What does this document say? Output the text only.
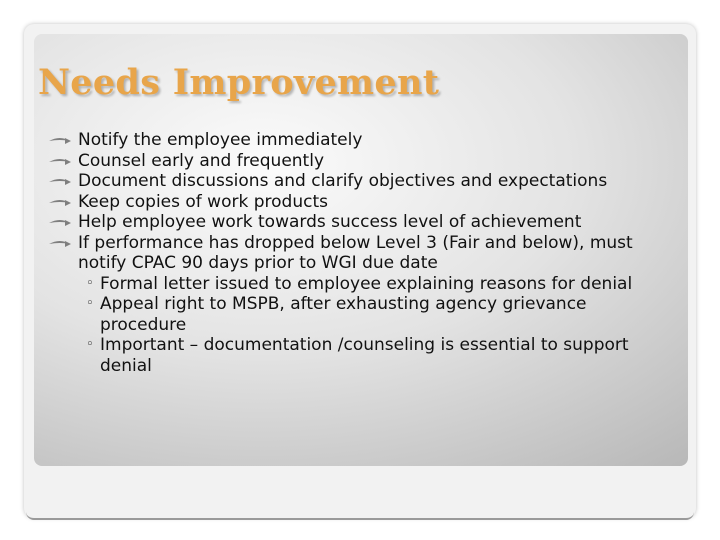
Needs Improvement
Notify the employee immediately
Counsel early and frequently
Document discussions and clarify objectives and expectations
Keep copies of work products
Help employee work towards success level of achievement
If performance has dropped below Level 3 (Fair and below), must notify CPAC 90 days prior to WGI due date
◦ Formal letter issued to employee explaining reasons for denial
◦ Appeal right to MSPB, after exhausting agency grievance procedure
◦ Important – documentation /counseling is essential to support denial
